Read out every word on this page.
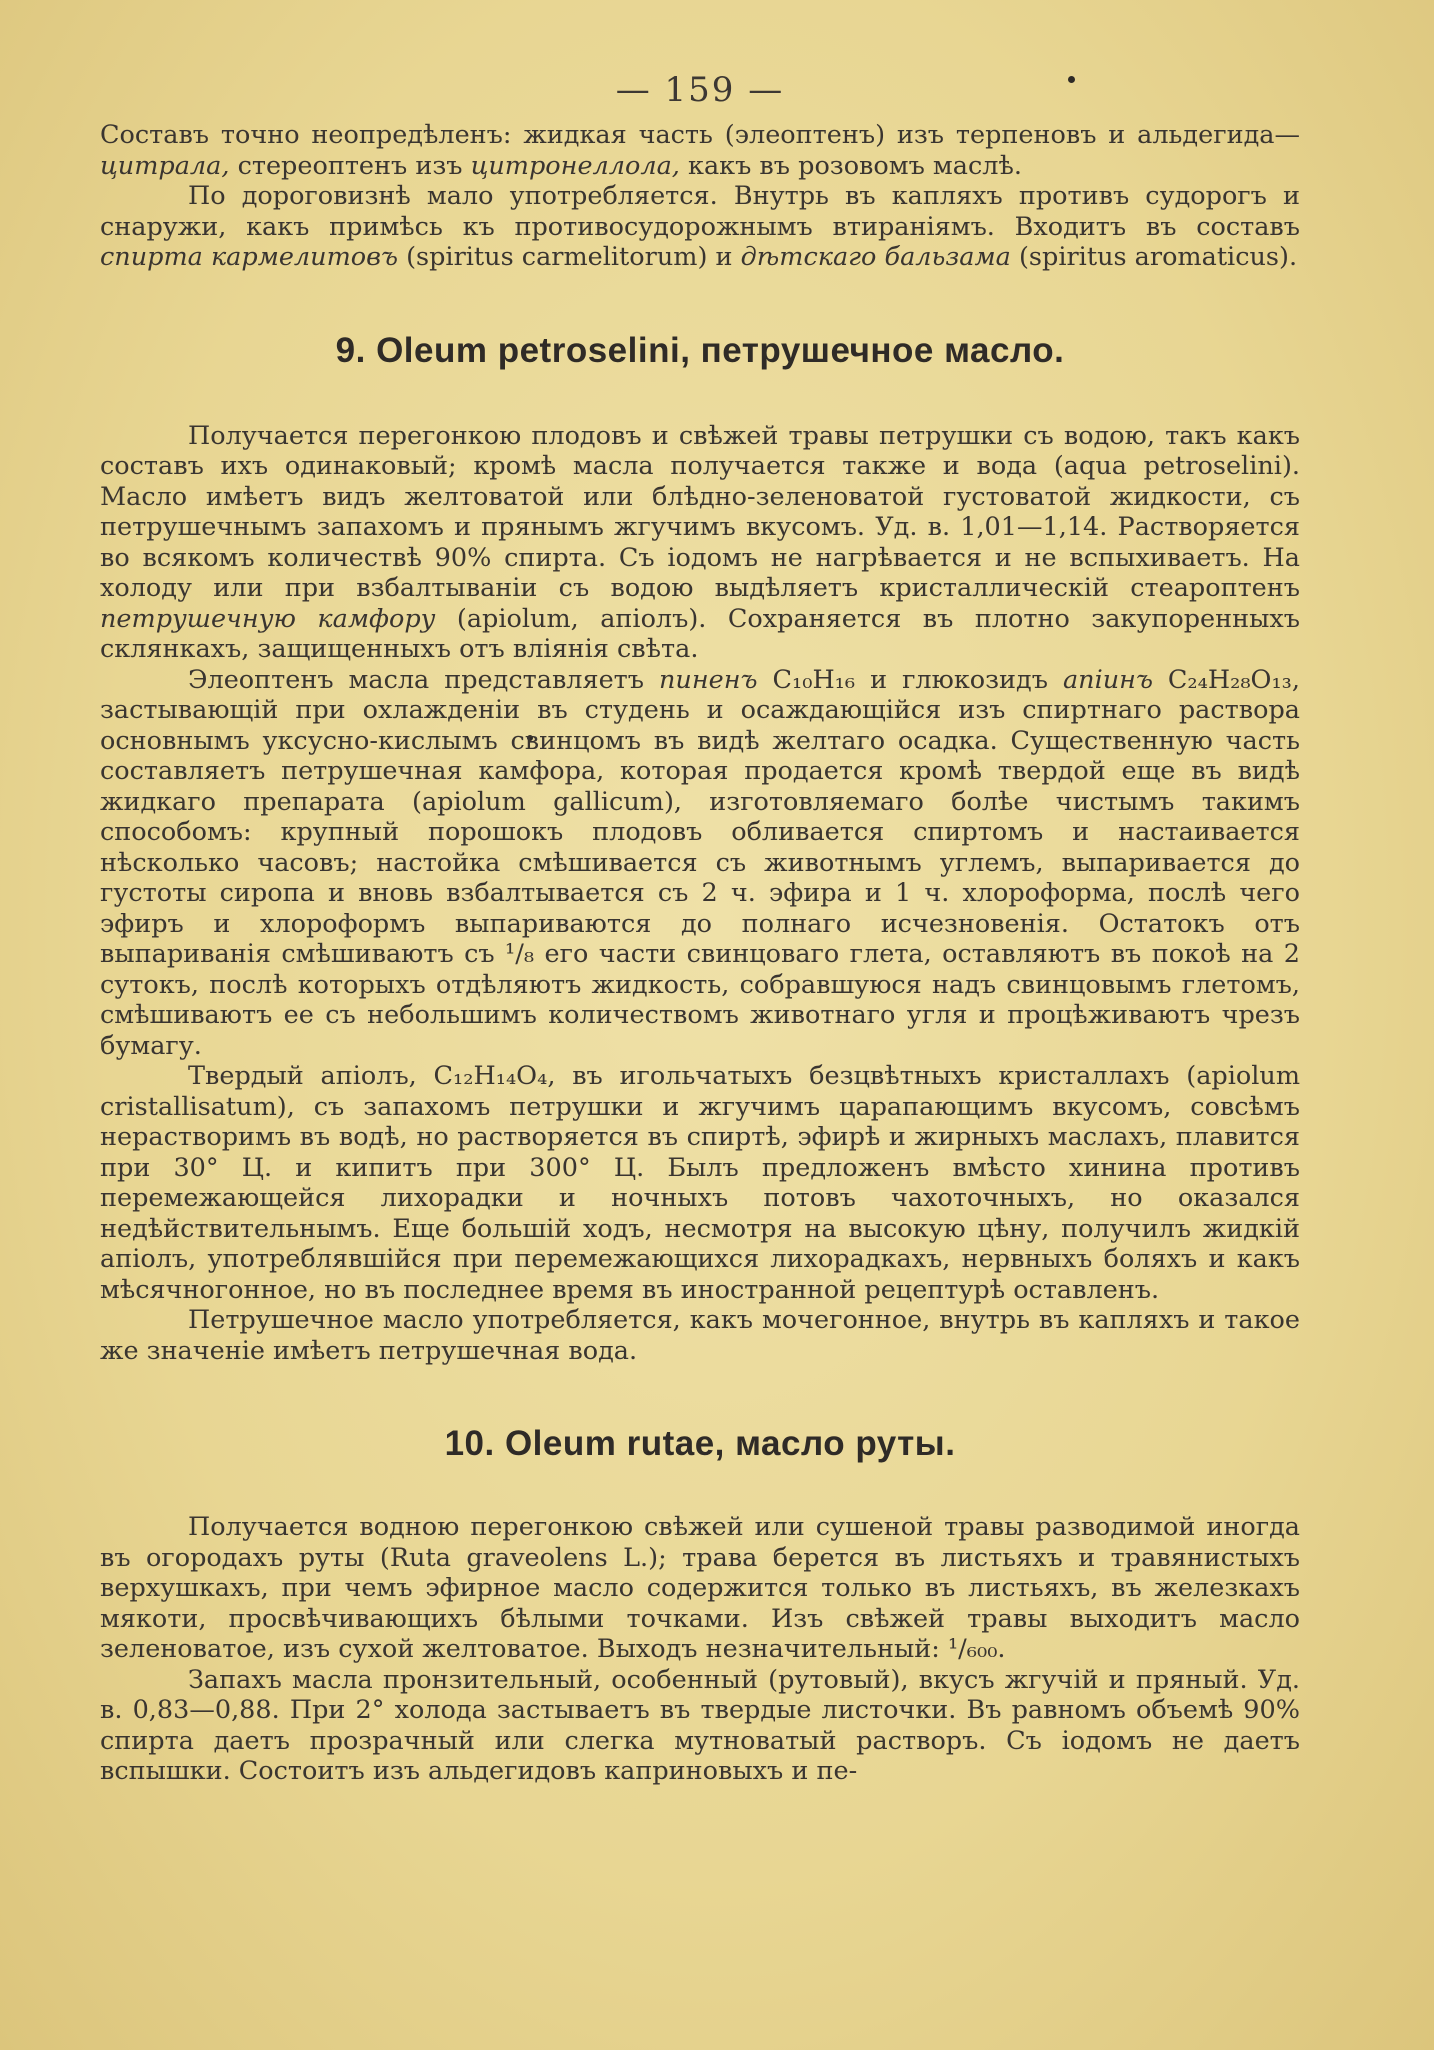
— 159 —

Составъ точно неопредѣленъ: жидкая часть (элеоптенъ) изъ терпеновъ и альдегида—цитрала, стереоптенъ изъ цитронеллола, какъ въ розовомъ маслѣ.

По дороговизнѣ мало употребляется. Внутрь въ капляхъ противъ судорогъ и снаружи, какъ примѣсь къ противосудорожнымъ втираніямъ. Входитъ въ составъ спирта кармелитовъ (spiritus carmelitorum) и дѣтскаго бальзама (spiritus aromaticus).

9. Oleum petroselini, петрушечное масло.

Получается перегонкою плодовъ и свѣжей травы петрушки съ водою, такъ какъ составъ ихъ одинаковый; кромѣ масла получается также и вода (aqua petroselini). Масло имѣетъ видъ желтоватой или блѣдно-зеленоватой густоватой жидкости, съ петрушечнымъ запахомъ и прянымъ жгучимъ вкусомъ. Уд. в. 1,01—1,14. Растворяется во всякомъ количествѣ 90% спирта. Съ іодомъ не нагрѣвается и не вспыхиваетъ. На холоду или при взбалтываніи съ водою выдѣляетъ кристаллическій стеароптенъ петрушечную камфору (apiolum, апіолъ). Сохраняется въ плотно закупоренныхъ склянкахъ, защищенныхъ отъ вліянія свѣта.

Элеоптенъ масла представляетъ пиненъ C₁₀H₁₆ и глюкозидъ апіинъ C₂₄H₂₈O₁₃, застывающій при охлажденіи въ студень и осаждающійся изъ спиртнаго раствора основнымъ уксусно-кислымъ свинцомъ въ видѣ желтаго осадка. Существенную часть составляетъ петрушечная камфора, которая продается кромѣ твердой еще въ видѣ жидкаго препарата (apiolum gallicum), изготовляемаго болѣе чистымъ такимъ способомъ: крупный порошокъ плодовъ обливается спиртомъ и настаивается нѣсколько часовъ; настойка смѣшивается съ животнымъ углемъ, выпаривается до густоты сиропа и вновь взбалтывается съ 2 ч. эфира и 1 ч. хлороформа, послѣ чего эфиръ и хлороформъ выпариваются до полнаго исчезновенія. Остатокъ отъ выпариванія смѣшиваютъ съ ¹/₈ его части свинцоваго глета, оставляютъ въ покоѣ на 2 сутокъ, послѣ которыхъ отдѣляютъ жидкость, собравшуюся надъ свинцовымъ глетомъ, смѣшиваютъ ее съ небольшимъ количествомъ животнаго угля и процѣживаютъ чрезъ бумагу.

Твердый апіолъ, C₁₂H₁₄O₄, въ игольчатыхъ безцвѣтныхъ кристаллахъ (apiolum cristallisatum), съ запахомъ петрушки и жгучимъ царапающимъ вкусомъ, совсѣмъ нерастворимъ въ водѣ, но растворяется въ спиртѣ, эфирѣ и жирныхъ маслахъ, плавится при 30° Ц. и кипитъ при 300° Ц. Былъ предложенъ вмѣсто хинина противъ перемежающейся лихорадки и ночныхъ потовъ чахоточныхъ, но оказался недѣйствительнымъ. Еще большій ходъ, несмотря на высокую цѣну, получилъ жидкій апіолъ, употреблявшійся при перемежающихся лихорадкахъ, нервныхъ боляхъ и какъ мѣсячногонное, но въ последнее время въ иностранной рецептурѣ оставленъ.

Петрушечное масло употребляется, какъ мочегонное, внутрь въ капляхъ и такое же значеніе имѣетъ петрушечная вода.

10. Oleum rutae, масло руты.

Получается водною перегонкою свѣжей или сушеной травы разводимой иногда въ огородахъ руты (Ruta graveolens L.); трава берется въ листьяхъ и травянистыхъ верхушкахъ, при чемъ эфирное масло содержится только въ листьяхъ, въ железкахъ мякоти, просвѣчивающихъ бѣлыми точками. Изъ свѣжей травы выходитъ масло зеленоватое, изъ сухой желтоватое. Выходъ незначительный: ¹/₆₀₀.

Запахъ масла пронзительный, особенный (рутовый), вкусъ жгучій и пряный. Уд. в. 0,83—0,88. При 2° холода застываетъ въ твердые листочки. Въ равномъ объемѣ 90% спирта даетъ прозрачный или слегка мутноватый растворъ. Съ іодомъ не даетъ вспышки. Состоитъ изъ альдегидовъ каприновыхъ и пе-
